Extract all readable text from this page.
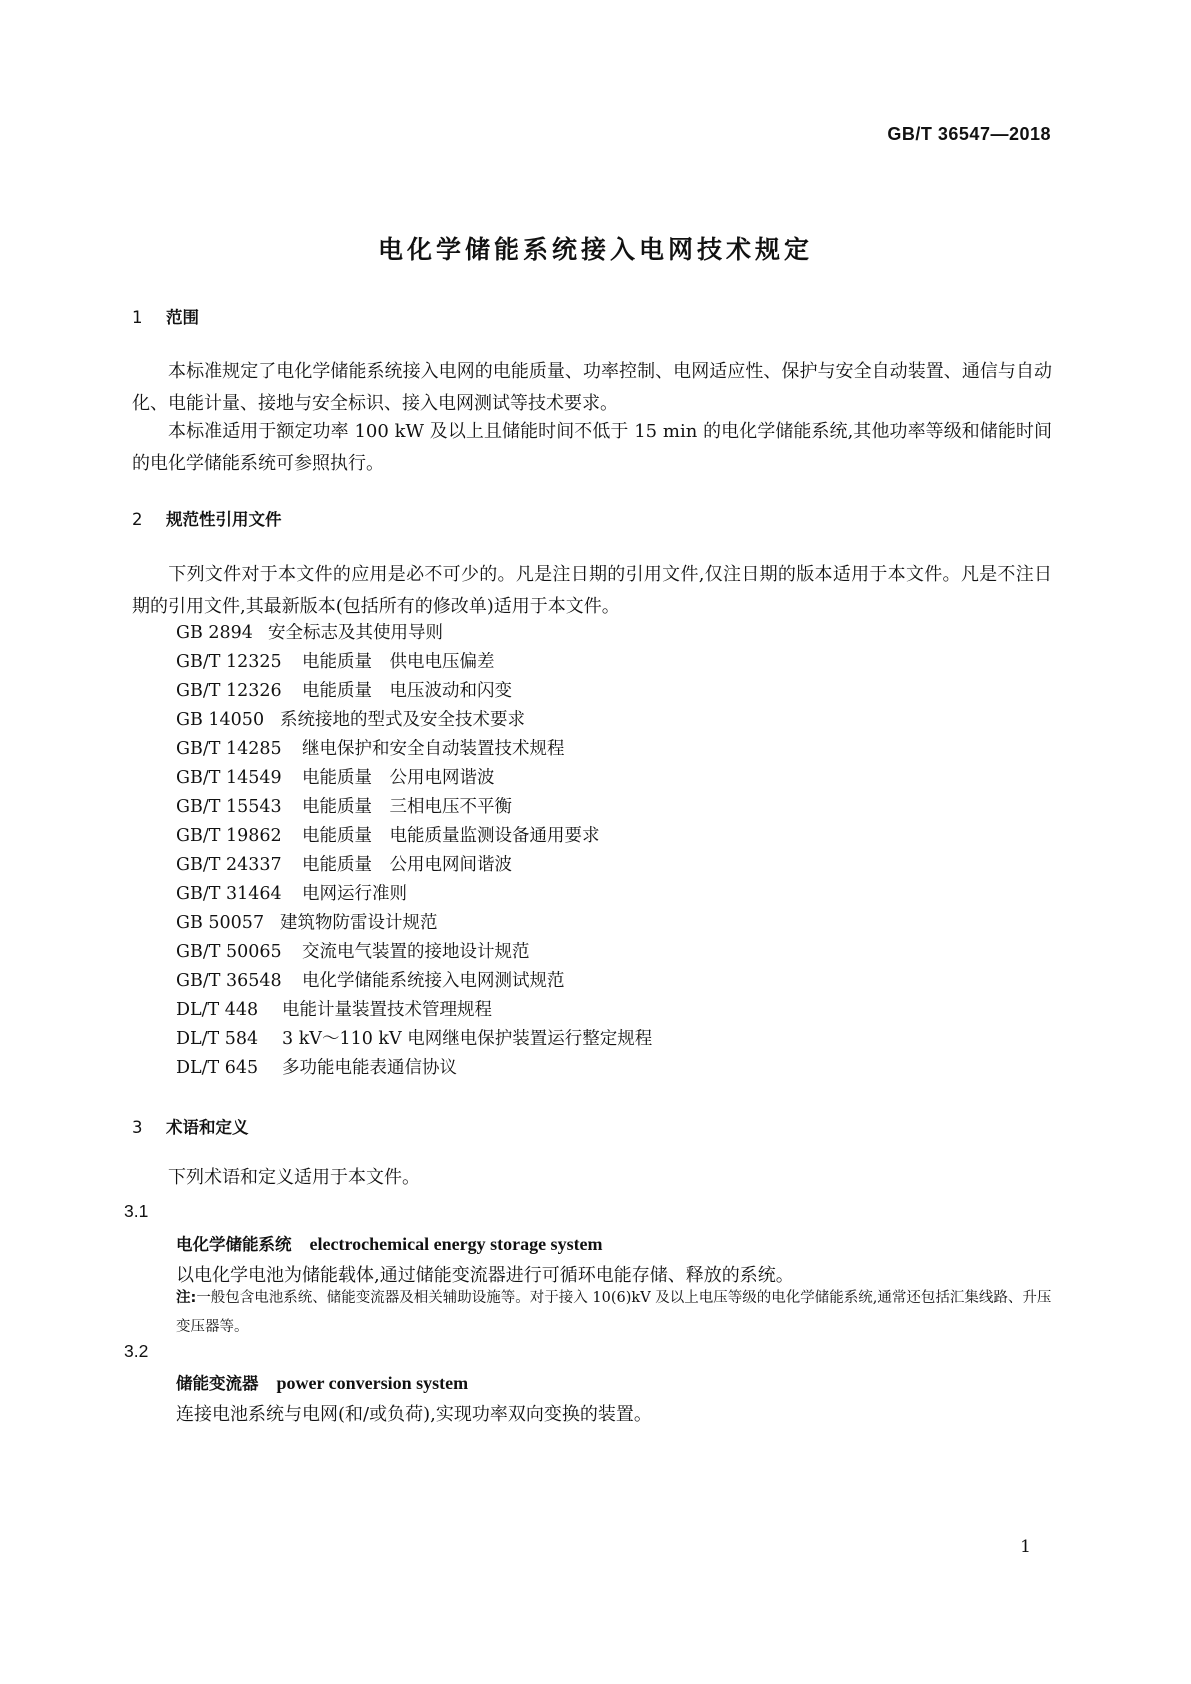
GB/T 36547—2018
电化学储能系统接入电网技术规定
1 范围
本标准规定了电化学储能系统接入电网的电能质量、功率控制、电网适应性、保护与安全自动装置、通信与自动化、电能计量、接地与安全标识、接入电网测试等技术要求。
本标准适用于额定功率 100 kW 及以上且储能时间不低于 15 min 的电化学储能系统,其他功率等级和储能时间的电化学储能系统可参照执行。
2 规范性引用文件
下列文件对于本文件的应用是必不可少的。凡是注日期的引用文件,仅注日期的版本适用于本文件。凡是不注日期的引用文件,其最新版本(包括所有的修改单)适用于本文件。
GB 2894 安全标志及其使用导则
GB/T 12325 电能质量　供电电压偏差
GB/T 12326 电能质量　电压波动和闪变
GB 14050 系统接地的型式及安全技术要求
GB/T 14285 继电保护和安全自动装置技术规程
GB/T 14549 电能质量　公用电网谐波
GB/T 15543 电能质量　三相电压不平衡
GB/T 19862 电能质量　电能质量监测设备通用要求
GB/T 24337 电能质量　公用电网间谐波
GB/T 31464 电网运行准则
GB 50057 建筑物防雷设计规范
GB/T 50065 交流电气装置的接地设计规范
GB/T 36548 电化学储能系统接入电网测试规范
DL/T 448 电能计量装置技术管理规程
DL/T 584 3 kV～110 kV 电网继电保护装置运行整定规程
DL/T 645 多功能电能表通信协议
3 术语和定义
下列术语和定义适用于本文件。
3.1
电化学储能系统 electrochemical energy storage system
以电化学电池为储能载体,通过储能变流器进行可循环电能存储、释放的系统。
注:一般包含电池系统、储能变流器及相关辅助设施等。对于接入 10(6)kV 及以上电压等级的电化学储能系统,通常还包括汇集线路、升压变压器等。
3.2
储能变流器 power conversion system
连接电池系统与电网(和/或负荷),实现功率双向变换的装置。
1
